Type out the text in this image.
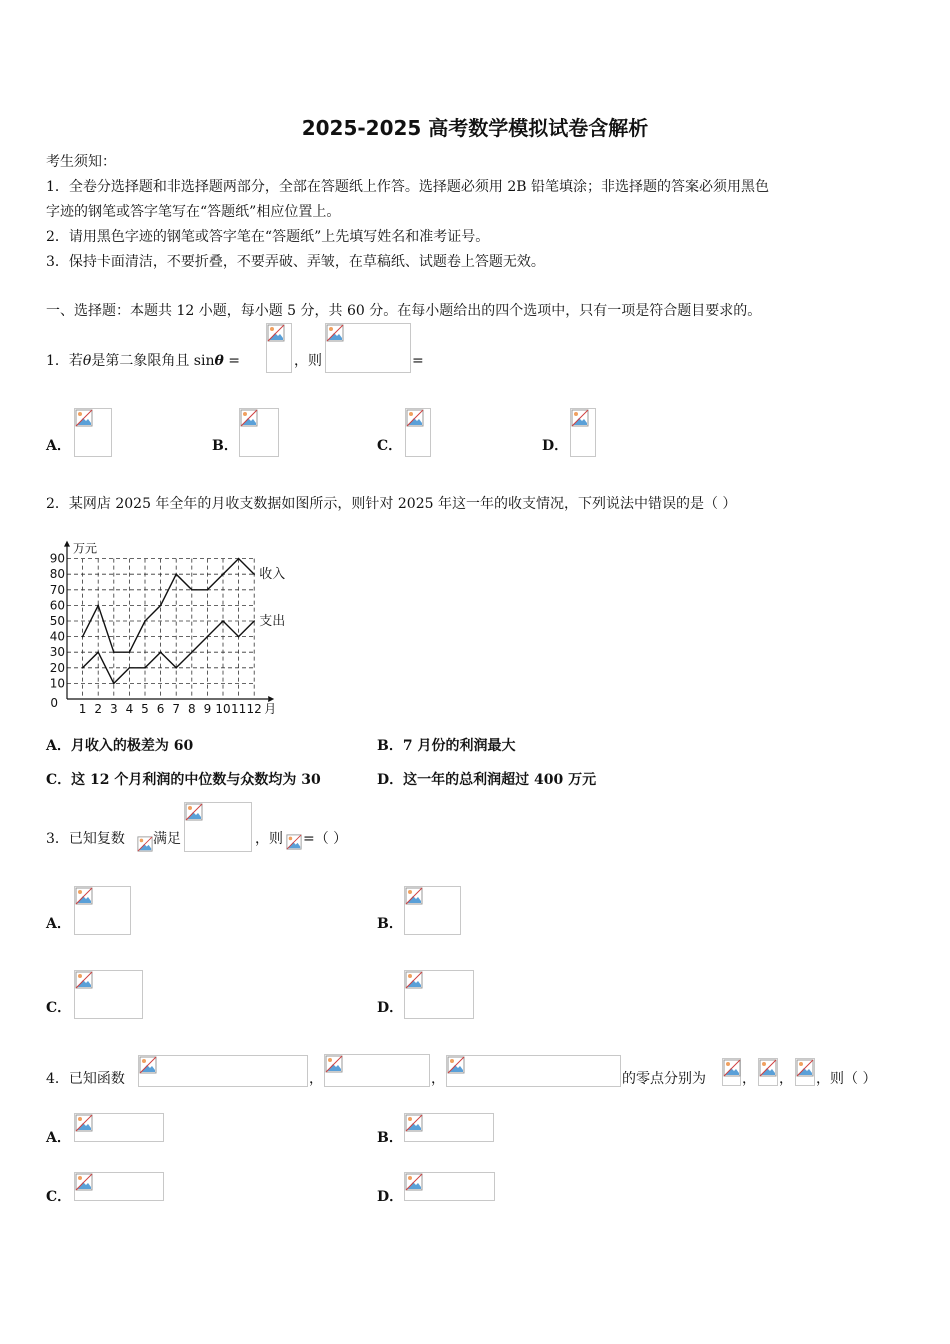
2025-2025 高考数学模拟试卷含解析
考生须知：
1．全卷分选择题和非选择题两部分，全部在答题纸上作答。选择题必须用 2B 铅笔填涂；非选择题的答案必须用黑色
字迹的钢笔或答字笔写在“答题纸”相应位置上。
2．请用黑色字迹的钢笔或答字笔在“答题纸”上先填写姓名和准考证号。
3．保持卡面清洁，不要折叠，不要弄破、弄皱，在草稿纸、试题卷上答题无效。
一、选择题：本题共 12 小题，每小题 5 分，共 60 分。在每小题给出的四个选项中，只有一项是符合题目要求的。
1．若θ是第二象限角且 sinθ =	，则	=
A．	B．	C．	D．
2．某网店 2025 年全年的月收支数据如图所示，则针对 2025 年这一年的收支情况，下列说法中错误的是（ ）
0
10
20
30
40
50
60
70
80
90
1 2 3 4 5 6 7 8 9 10 11 12
万元
月
收入
支出
A．月收入的极差为 60	B．7 月份的利润最大
C．这 12 个月利润的中位数与众数均为 30	D．这一年的总利润超过 400 万元
3．已知复数 满足	，则 =（ ）
A．	B．
C．	D．
4．已知函数	，	，	的零点分别为	， ， ，则（ ）
A．	B．
C．	D．
